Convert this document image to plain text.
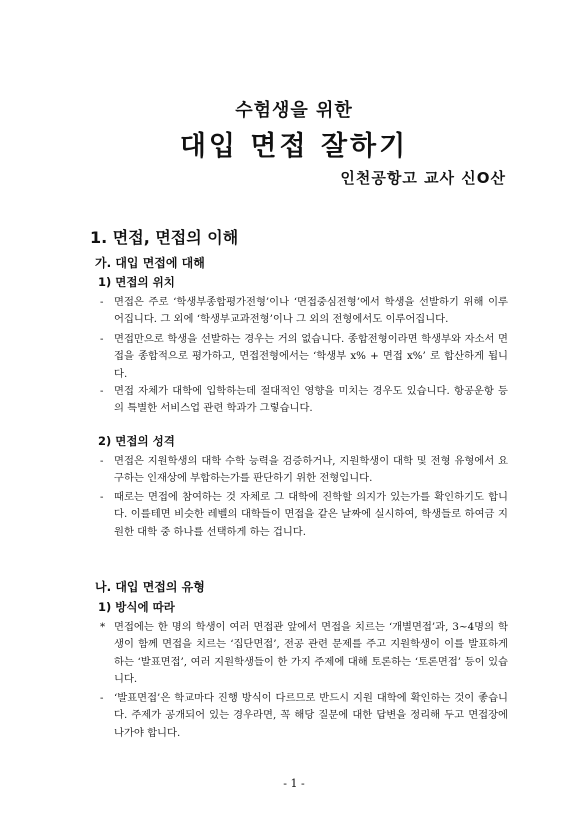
수험생을 위한
대입 면접 잘하기
인천공항고 교사 신O산
1. 면접, 면접의 이해
가. 대입 면접에 대해
1) 면접의 위치
-	면접은 주로 ‘학생부종합평가전형’이나 ‘면접중심전형’에서 학생을 선발하기 위해 이루어집니다. 그 외에 ‘학생부교과전형’이나 그 외의 전형에서도 이루어집니다.
-	면접만으로 학생을 선발하는 경우는 거의 없습니다. 종합전형이라면 학생부와 자소서 면접을 종합적으로 평가하고, 면접전형에서는 ‘학생부 x% + 면접 x%’ 로 합산하게 됩니다.
-	면접 자체가 대학에 입학하는데 절대적인 영향을 미치는 경우도 있습니다. 항공운항 등의 특별한 서비스업 관련 학과가 그렇습니다.
2) 면접의 성격
-	면접은 지원학생의 대학 수학 능력을 검증하거나, 지원학생이 대학 및 전형 유형에서 요구하는 인재상에 부합하는가를 판단하기 위한 전형입니다.
-	때로는 면접에 참여하는 것 자체로 그 대학에 진학할 의지가 있는가를 확인하기도 합니다. 이를테면 비슷한 레벨의 대학들이 면접을 같은 날짜에 실시하여, 학생들로 하여금 지원한 대학 중 하나를 선택하게 하는 겁니다.
나. 대입 면접의 유형
1) 방식에 따라
* 면접에는 한 명의 학생이 여러 면접관 앞에서 면접을 치르는 ‘개별면접’과, 3~4명의 학생이 함께 면접을 치르는 ‘집단면접’, 전공 관련 문제를 주고 지원학생이 이를 발표하게 하는 ‘발표면접’, 여러 지원학생들이 한 가지 주제에 대해 토론하는 ‘토론면접’ 등이 있습니다.
-	‘발표면접’은 학교마다 진행 방식이 다르므로 반드시 지원 대학에 확인하는 것이 좋습니다. 주제가 공개되어 있는 경우라면, 꼭 해당 질문에 대한 답변을 정리해 두고 면접장에 나가야 합니다.
- 1 -
